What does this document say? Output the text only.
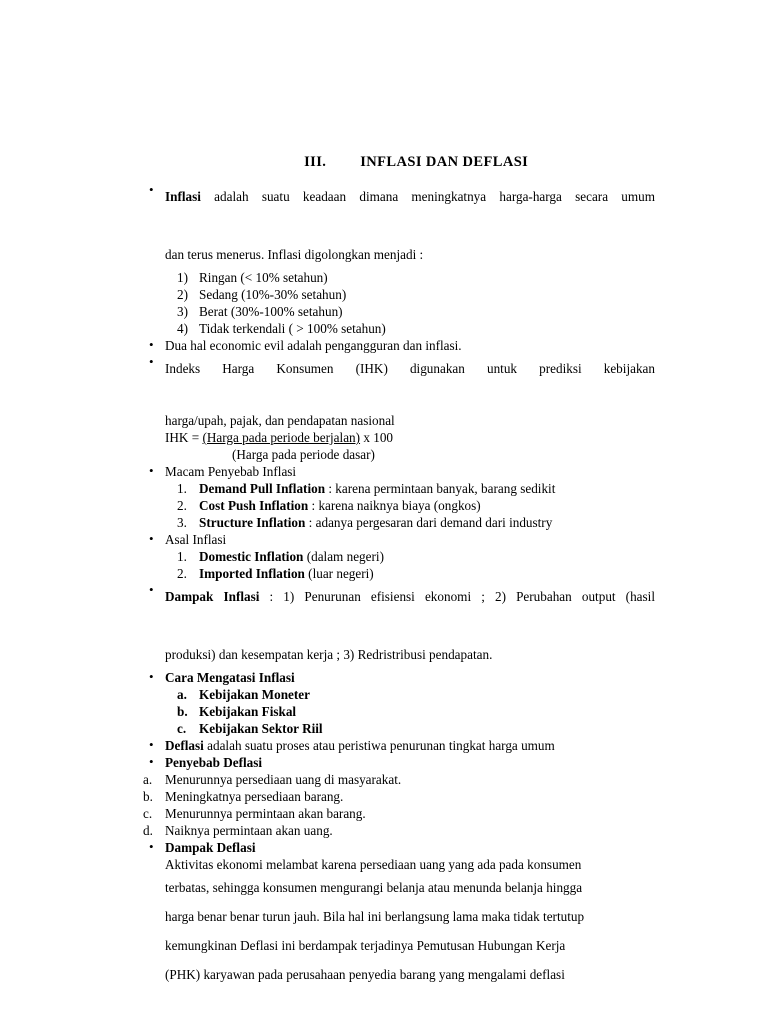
III. INFLASI DAN DEFLASI

• Inflasi adalah suatu keadaan dimana meningkatnya harga-harga secara umum
dan terus menerus. Inflasi digolongkan menjadi :
1) Ringan (< 10% setahun)
2) Sedang (10%-30% setahun)
3) Berat (30%-100% setahun)
4) Tidak terkendali ( > 100% setahun)
• Dua hal economic evil adalah pengangguran dan inflasi.
• Indeks Harga Konsumen (IHK) digunakan untuk prediksi kebijakan
harga/upah, pajak, dan pendapatan nasional
IHK = (Harga pada periode berjalan) x 100
(Harga pada periode dasar)
• Macam Penyebab Inflasi
1. Demand Pull Inflation : karena permintaan banyak, barang sedikit
2. Cost Push Inflation : karena naiknya biaya (ongkos)
3. Structure Inflation : adanya pergesaran dari demand dari industry
• Asal Inflasi
1. Domestic Inflation (dalam negeri)
2. Imported Inflation (luar negeri)
• Dampak Inflasi : 1) Penurunan efisiensi ekonomi ; 2) Perubahan output (hasil
produksi) dan kesempatan kerja ; 3) Redristribusi pendapatan.
• Cara Mengatasi Inflasi
a. Kebijakan Moneter
b. Kebijakan Fiskal
c. Kebijakan Sektor Riil
• Deflasi adalah suatu proses atau peristiwa penurunan tingkat harga umum
• Penyebab Deflasi
a. Menurunnya persediaan uang di masyarakat.
b. Meningkatnya persediaan barang.
c. Menurunnya permintaan akan barang.
d. Naiknya permintaan akan uang.
• Dampak Deflasi
Aktivitas ekonomi melambat karena persediaan uang yang ada pada konsumen
terbatas, sehingga konsumen mengurangi belanja atau menunda belanja hingga
harga benar benar turun jauh. Bila hal ini berlangsung lama maka tidak tertutup
kemungkinan Deflasi ini berdampak terjadinya Pemutusan Hubungan Kerja
(PHK) karyawan pada perusahaan penyedia barang yang mengalami deflasi
